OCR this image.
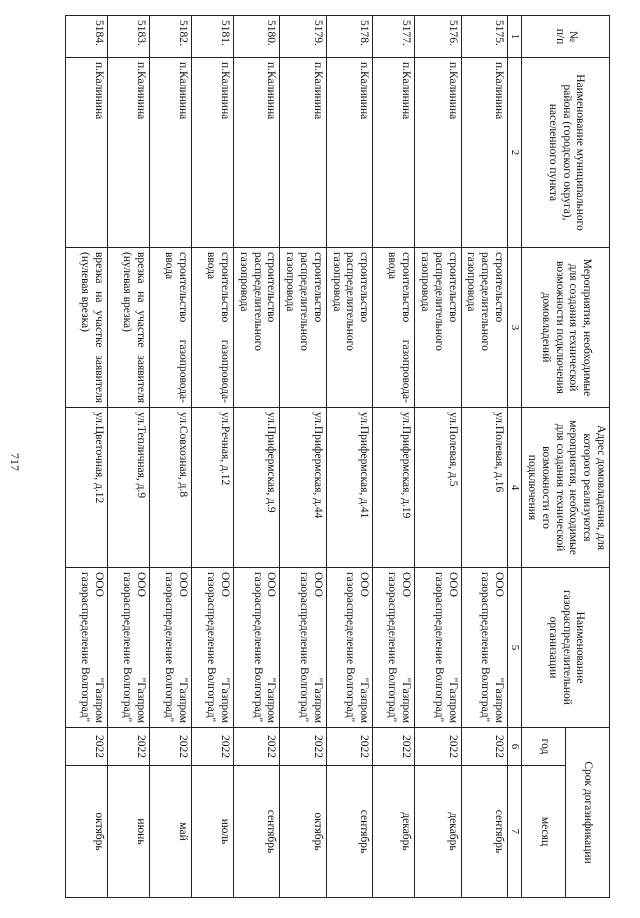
717
№
п/п	Наименование муниципального района (городского округа), населенного пункта	Мероприятия, необходимые для создания технической возможности подключения домовладений	Адрес домовладения, для которого реализуются мероприятия, необходимые для создания технической возможности его подключения	Наименование газораспределительной организации	Срок догазификации	
					год	месяц
1	2	3	4	5	6	7
5175.	п.Калинина	строительство распределительного газопровода	ул.Полевая, д.16	ООО "Газпром газораспределение Волгоград"	2022	сентябрь
5176.	п.Калинина	строительство распределительного газопровода	ул.Полевая, д.5	ООО "Газпром газораспределение Волгоград"	2022	декабрь
5177.	п.Калинина	строительство газопровода-ввода	ул.Прифермская, д.19	ООО "Газпром газораспределение Волгоград"	2022	декабрь
5178.	п.Калинина	строительство распределительного газопровода	ул.Прифермская, д.41	ООО "Газпром газораспределение Волгоград"	2022	сентябрь
5179.	п.Калинина	строительство распределительного газопровода	ул.Прифермская, д.44	ООО "Газпром газораспределение Волгоград"	2022	октябрь
5180.	п.Калинина	строительство распределительного газопровода	ул.Прифермская, д.9	ООО "Газпром газораспределение Волгоград"	2022	сентябрь
5181.	п.Калинина	строительство газопровода-ввода	ул.Речная, д.12	ООО "Газпром газораспределение Волгоград"	2022	июль
5182.	п.Калинина	строительство газопровода-ввода	ул.Совхозная, д.8	ООО "Газпром газораспределение Волгоград"	2022	май
5183.	п.Калинина	врезка на участке заявителя (нулевая врезка)	ул.Тепличная, д.9	ООО "Газпром газораспределение Волгоград"	2022	июнь
5184.	п.Калинина	врезка на участке заявителя (нулевая врезка)	ул.Цветочная, д.12	ООО "Газпром газораспределение Волгоград"	2022	октябрь
